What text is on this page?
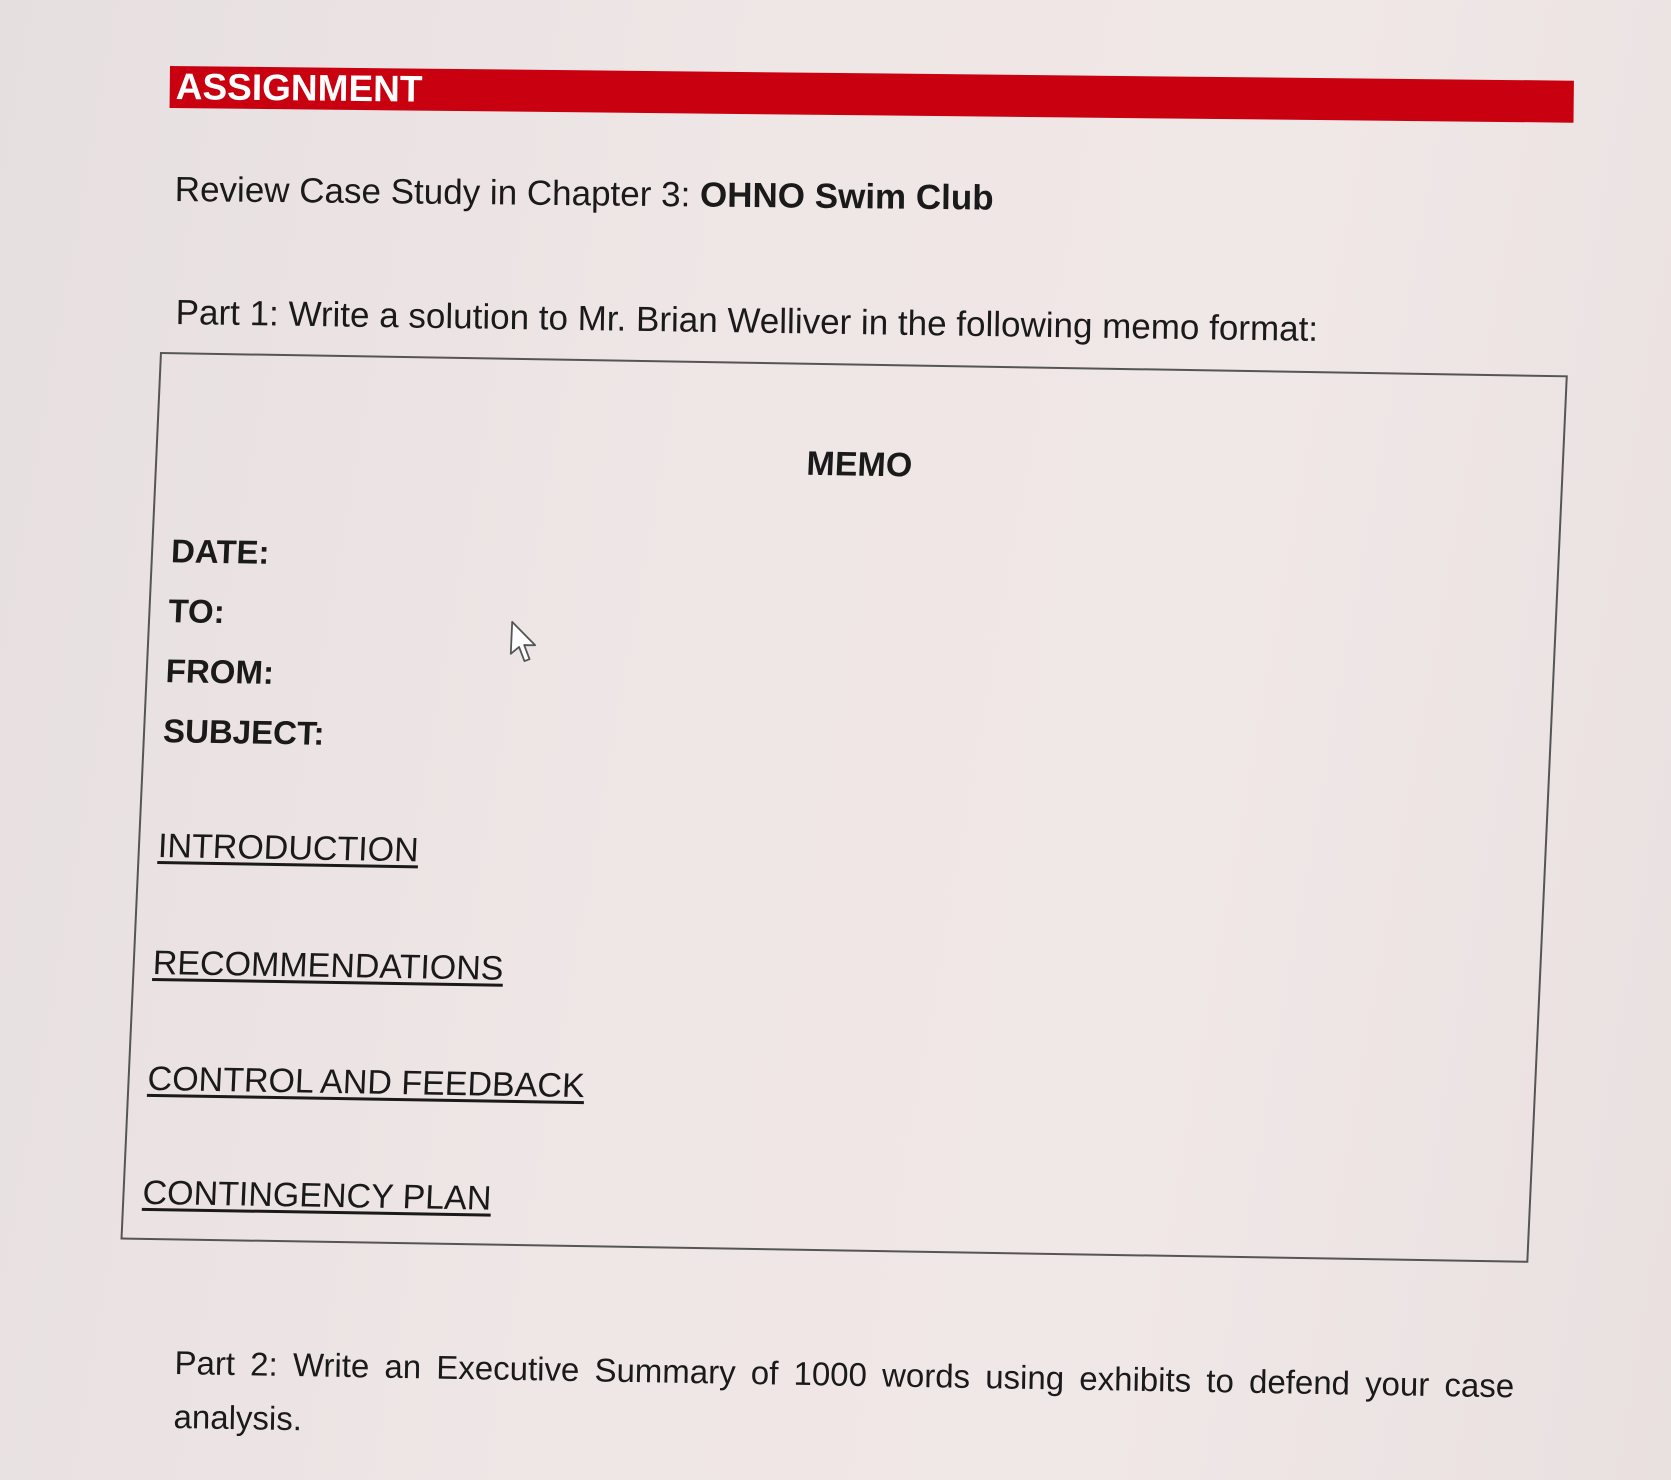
ASSIGNMENT
Review Case Study in Chapter 3: OHNO Swim Club
Part 1: Write a solution to Mr. Brian Welliver in the following memo format:
MEMO
DATE:
TO:
FROM:
SUBJECT:
INTRODUCTION
RECOMMENDATIONS
CONTROL AND FEEDBACK
CONTINGENCY PLAN
Part 2: Write an Executive Summary of 1000 words using exhibits to defend your case analysis.
